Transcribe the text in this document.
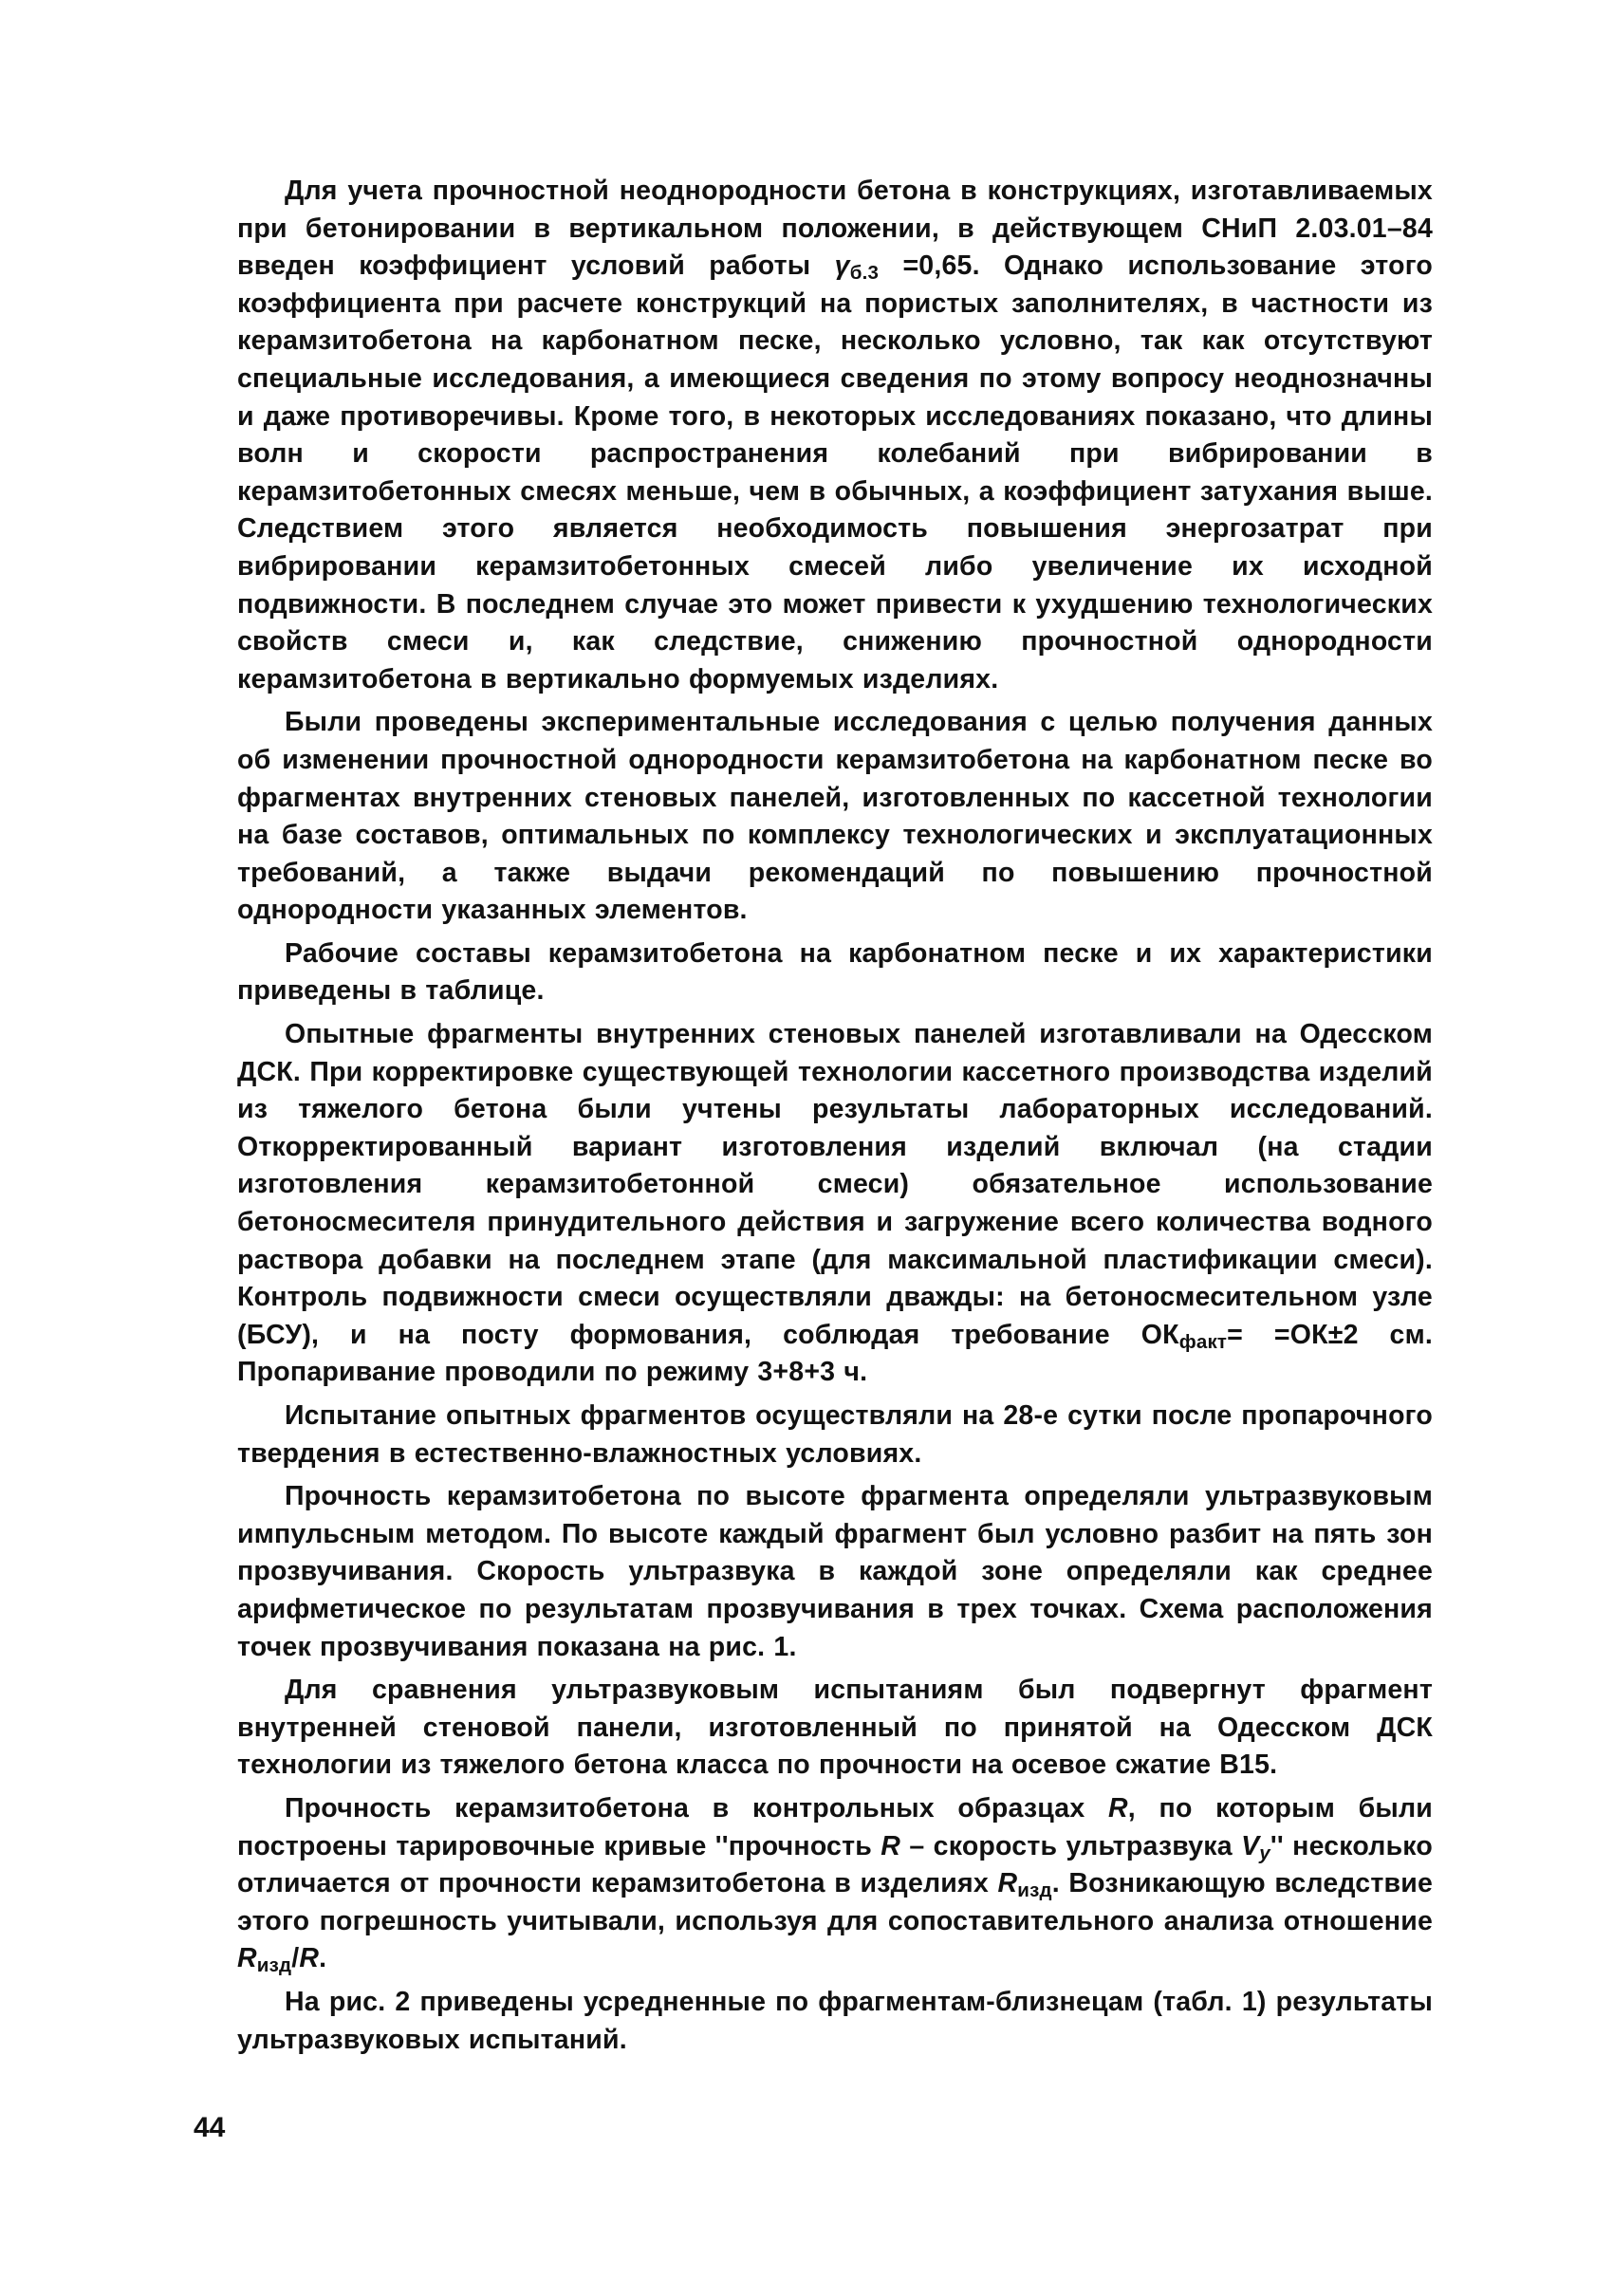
Для учета прочностной неоднородности бетона в конструкциях, изготавливаемых при бетонировании в вертикальном положении, в действующем СНиП 2.03.01–84 введен коэффициент условий работы $\gamma_{б.3} =0,65$. Однако использование этого коэффициента при расчете конструкций на пористых заполнителях, в частности из керамзитобетона на карбонатном песке, несколько условно, так как отсутствуют специальные исследования, а имеющиеся сведения по этому вопросу неоднозначны и даже противоречивы. Кроме того, в некоторых исследованиях показано, что длины волн и скорости распространения колебаний при вибрировании в керамзитобетонных смесях меньше, чем в обычных, а коэффициент затухания выше. Следствием этого является необходимость повышения энергозатрат при вибрировании керамзитобетонных смесей либо увеличение их исходной подвижности. В последнем случае это может привести к ухудшению технологических свойств смеси и, как следствие, снижению прочностной однородности керамзитобетона в вертикально формуемых изделиях.

Были проведены экспериментальные исследования с целью получения данных об изменении прочностной однородности керамзитобетона на карбонатном песке во фрагментах внутренних стеновых панелей, изготовленных по кассетной технологии на базе составов, оптимальных по комплексу технологических и эксплуатационных требований, а также выдачи рекомендаций по повышению прочностной однородности указанных элементов.

Рабочие составы керамзитобетона на карбонатном песке и их характеристики приведены в таблице.

Опытные фрагменты внутренних стеновых панелей изготавливали на Одесском ДСК. При корректировке существующей технологии кассетного производства изделий из тяжелого бетона были учтены результаты лабораторных исследований. Откорректированный вариант изготовления изделий включал (на стадии изготовления керамзитобетонной смеси) обязательное использование бетоносмесителя принудительного действия и загружение всего количества водного раствора добавки на последнем этапе (для максимальной пластификации смеси). Контроль подвижности смеси осуществляли дважды: на бетоносмесительном узле (БСУ), и на посту формования, соблюдая требование $ОК_{факт}= =ОК\pm 2$ см. Пропаривание проводили по режиму 3+8+3 ч.

Испытание опытных фрагментов осуществляли на 28-е сутки после пропарочного твердения в естественно-влажностных условиях.

Прочность керамзитобетона по высоте фрагмента определяли ультразвуковым импульсным методом. По высоте каждый фрагмент был условно разбит на пять зон прозвучивания. Скорость ультразвука в каждой зоне определяли как среднее арифметическое по результатам прозвучивания в трех точках. Схема расположения точек прозвучивания показана на рис. 1.

Для сравнения ультразвуковым испытаниям был подвергнут фрагмент внутренней стеновой панели, изготовленный по принятой на Одесском ДСК технологии из тяжелого бетона класса по прочности на осевое сжатие В15.

Прочность керамзитобетона в контрольных образцах R, по которым были построены тарировочные кривые ''прочность R – скорость ультразвука $V_y''$ несколько отличается от прочности керамзитобетона в изделиях $R_{изд}$. Возникающую вследствие этого погрешность учитывали, используя для сопоставительного анализа отношение $R_{изд}/R$.

На рис. 2 приведены усредненные по фрагментам-близнецам (табл. 1) результаты ультразвуковых испытаний.

44
